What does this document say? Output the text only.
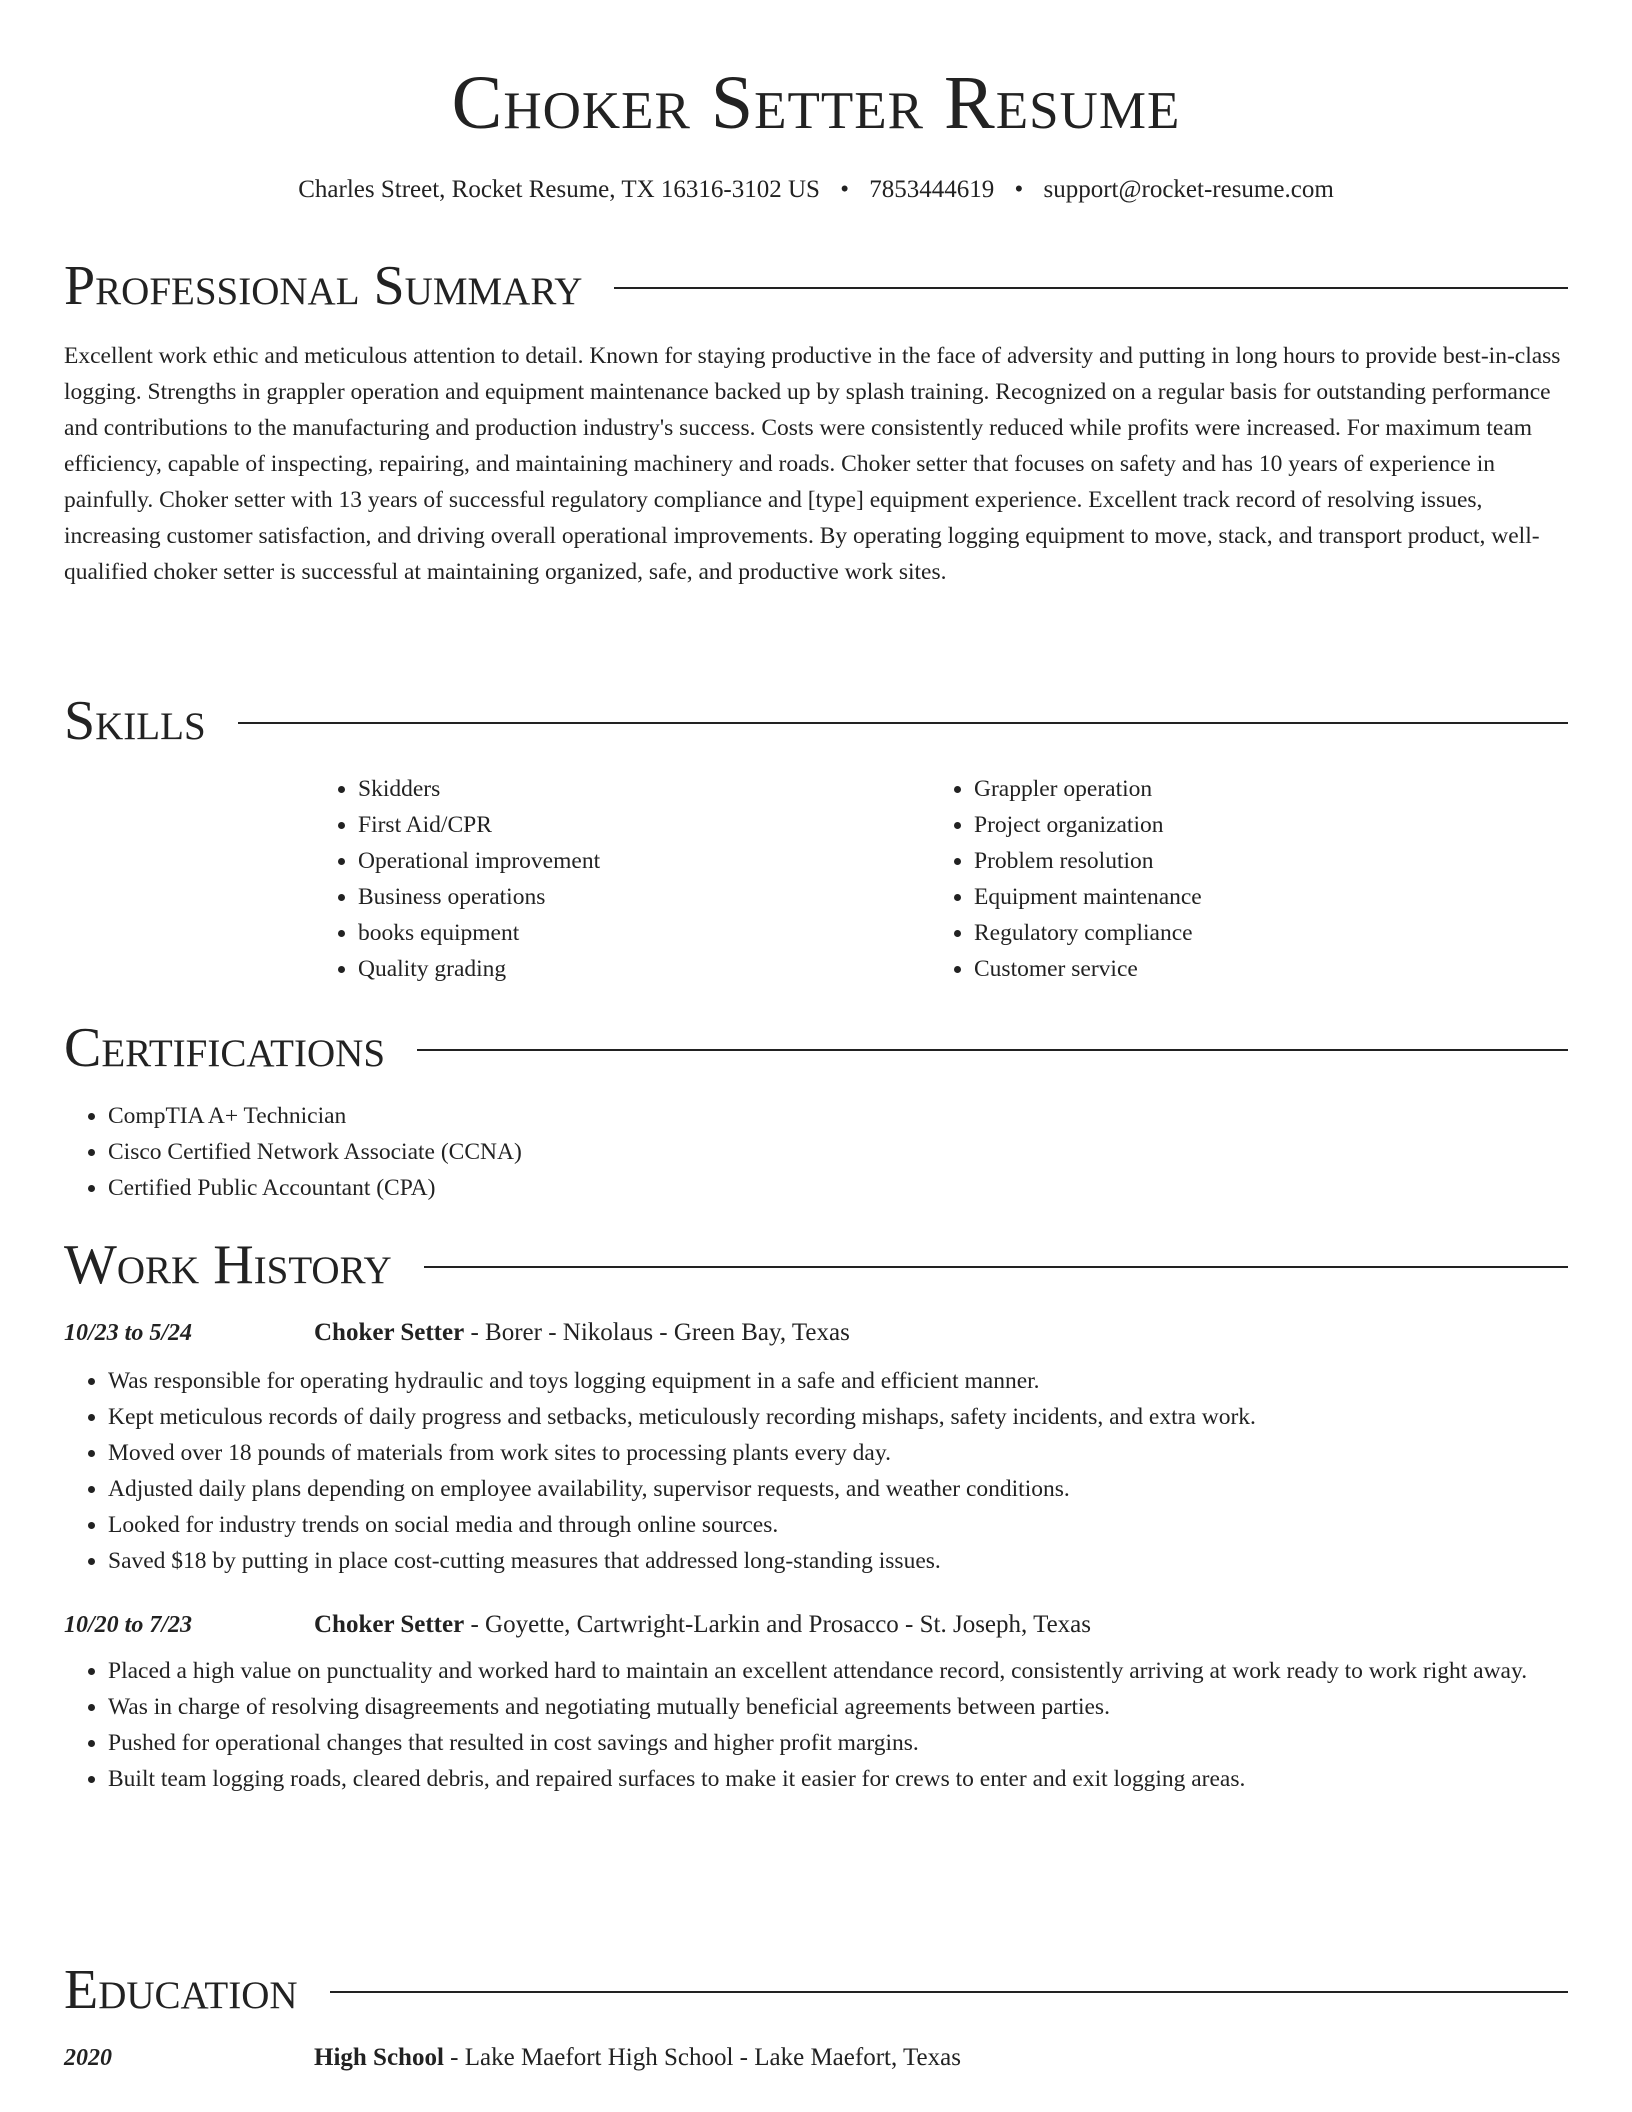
Choker Setter Resume
Charles Street, Rocket Resume, TX 16316-3102 US • 7853444619 • support@rocket-resume.com
Professional Summary

Excellent work ethic and meticulous attention to detail. Known for staying productive in the face of adversity and putting in long hours to provide best-in-class logging. Strengths in grappler operation and equipment maintenance backed up by splash training. Recognized on a regular basis for outstanding performance and contributions to the manufacturing and production industry's success. Costs were consistently reduced while profits were increased. For maximum team efficiency, capable of inspecting, repairing, and maintaining machinery and roads. Choker setter that focuses on safety and has 10 years of experience in painfully. Choker setter with 13 years of successful regulatory compliance and [type] equipment experience. Excellent track record of resolving issues, increasing customer satisfaction, and driving overall operational improvements. By operating logging equipment to move, stack, and transport product, well-qualified choker setter is successful at maintaining organized, safe, and productive work sites.

Skills
• Skidders
• First Aid/CPR
• Operational improvement
• Business operations
• books equipment
• Quality grading
• Grappler operation
• Project organization
• Problem resolution
• Equipment maintenance
• Regulatory compliance
• Customer service
Certifications
• CompTIA A+ Technician
• Cisco Certified Network Associate (CCNA)
• Certified Public Accountant (CPA)
Work History
10/23 to 5/24	Choker Setter - Borer - Nikolaus - Green Bay, Texas
• Was responsible for operating hydraulic and toys logging equipment in a safe and efficient manner.
• Kept meticulous records of daily progress and setbacks, meticulously recording mishaps, safety incidents, and extra work.
• Moved over 18 pounds of materials from work sites to processing plants every day.
• Adjusted daily plans depending on employee availability, supervisor requests, and weather conditions.
• Looked for industry trends on social media and through online sources.
• Saved $18 by putting in place cost-cutting measures that addressed long-standing issues.
10/20 to 7/23	Choker Setter - Goyette, Cartwright-Larkin and Prosacco - St. Joseph, Texas
• Placed a high value on punctuality and worked hard to maintain an excellent attendance record, consistently arriving at work ready to work right away.
• Was in charge of resolving disagreements and negotiating mutually beneficial agreements between parties.
• Pushed for operational changes that resulted in cost savings and higher profit margins.
• Built team logging roads, cleared debris, and repaired surfaces to make it easier for crews to enter and exit logging areas.
Education
2020	High School - Lake Maefort High School - Lake Maefort, Texas
